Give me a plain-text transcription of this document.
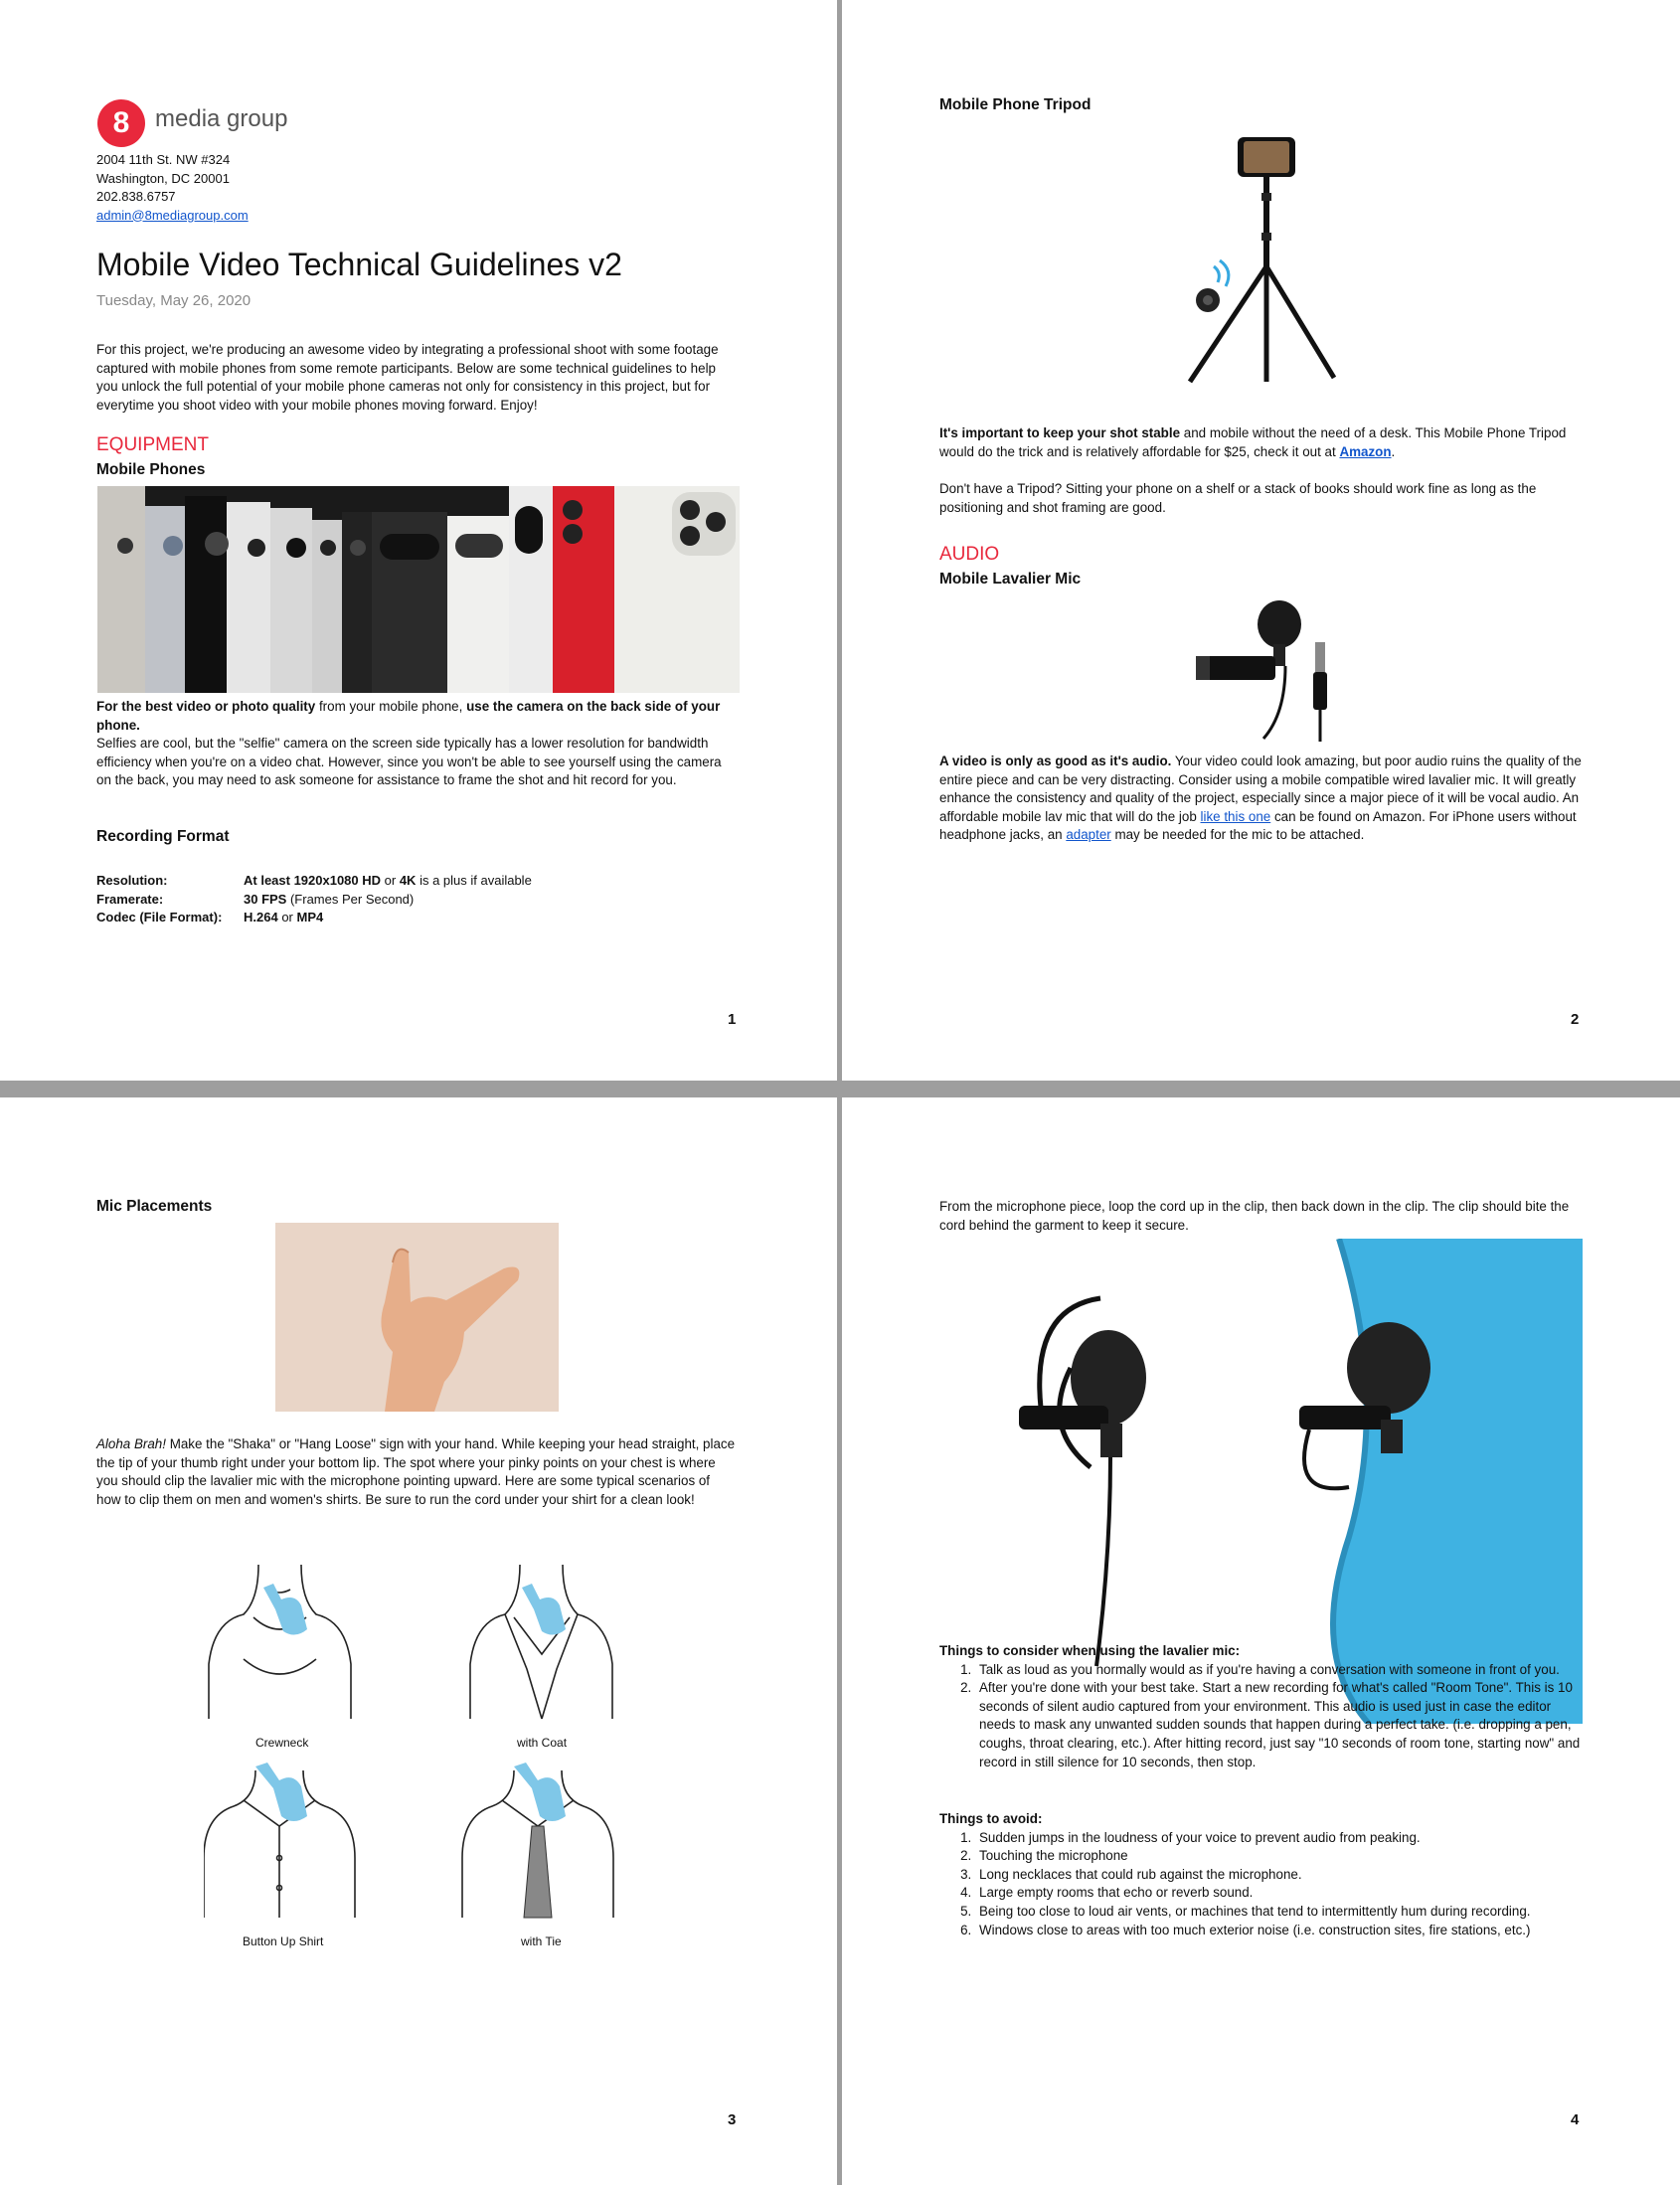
8	media group
2004 11th St. NW #324
Washington, DC 20001
202.838.6757
admin@8mediagroup.com
Mobile Video Technical Guidelines v2
Tuesday, May 26, 2020
For this project, we're producing an awesome video by integrating a professional shoot with some footage captured with mobile phones from some remote participants. Below are some technical guidelines to help you unlock the full potential of your mobile phone cameras not only for consistency in this project, but for everytime you shoot video with your mobile phones moving forward. Enjoy!
EQUIPMENT
Mobile Phones
For the best video or photo quality from your mobile phone, use the camera on the back side of your phone.
Selfies are cool, but the "selfie" camera on the screen side typically has a lower resolution for bandwidth efficiency when you're on a video chat. However, since you won't be able to see yourself using the camera on the back, you may need to ask someone for assistance to frame the shot and hit record for you.
Recording Format
Resolution:	At least 1920x1080 HD or 4K is a plus if available
Framerate:	30 FPS (Frames Per Second)
Codec (File Format): H.264 or MP4
1
Mobile Phone Tripod
It's important to keep your shot stable and mobile without the need of a desk. This Mobile Phone Tripod would do the trick and is relatively affordable for $25, check it out at Amazon.
Don't have a Tripod? Sitting your phone on a shelf or a stack of books should work fine as long as the positioning and shot framing are good.
AUDIO
Mobile Lavalier Mic
A video is only as good as it's audio. Your video could look amazing, but poor audio ruins the quality of the entire piece and can be very distracting. Consider using a mobile compatible wired lavalier mic. It will greatly enhance the consistency and quality of the project, especially since a major piece of it will be vocal audio. An affordable mobile lav mic that will do the job like this one can be found on Amazon. For iPhone users without headphone jacks, an adapter may be needed for the mic to be attached.
2
Mic Placements
Aloha Brah! Make the "Shaka" or "Hang Loose" sign with your hand. While keeping your head straight, place the tip of your thumb right under your bottom lip. The spot where your pinky points on your chest is where you should clip the lavalier mic with the microphone pointing upward. Here are some typical scenarios of how to clip them on men and women's shirts. Be sure to run the cord under your shirt for a clean look!
Crewneck	with Coat
Button Up Shirt	with Tie
3
From the microphone piece, loop the cord up in the clip, then back down in the clip. The clip should bite the cord behind the garment to keep it secure.
Things to consider when using the lavalier mic:
1. Talk as loud as you normally would as if you're having a conversation with someone in front of you.
2. After you're done with your best take. Start a new recording for what's called "Room Tone". This is 10 seconds of silent audio captured from your environment. This audio is used just in case the editor needs to mask any unwanted sudden sounds that happen during a perfect take. (i.e. dropping a pen, coughs, throat clearing, etc.). After hitting record, just say "10 seconds of room tone, starting now" and record in still silence for 10 seconds, then stop.
Things to avoid:
1. Sudden jumps in the loudness of your voice to prevent audio from peaking.
2. Touching the microphone
3. Long necklaces that could rub against the microphone.
4. Large empty rooms that echo or reverb sound.
5. Being too close to loud air vents, or machines that tend to intermittently hum during recording.
6. Windows close to areas with too much exterior noise (i.e. construction sites, fire stations, etc.)
4
